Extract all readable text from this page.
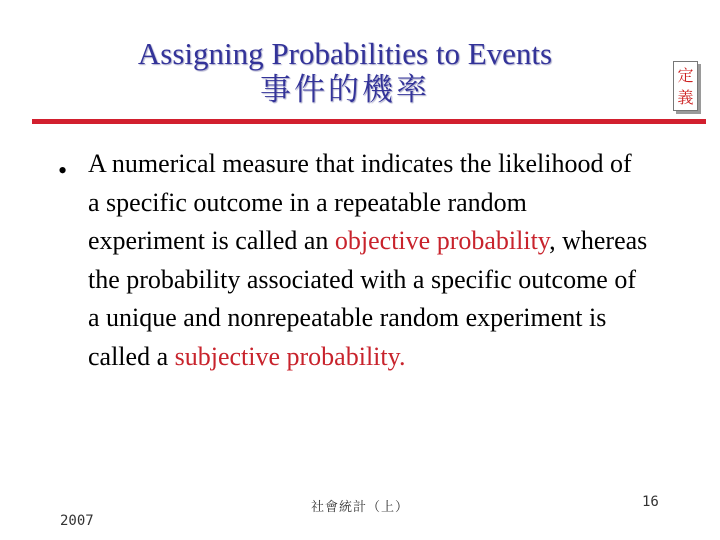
Assigning Probabilities to Events
事件的機率	定
義
• A numerical measure that indicates the likelihood of a specific outcome in a repeatable random experiment is called an objective probability, whereas the probability associated with a specific outcome of a unique and nonrepeatable random experiment is called a subjective probability.
社會統計（上）	16
2007
